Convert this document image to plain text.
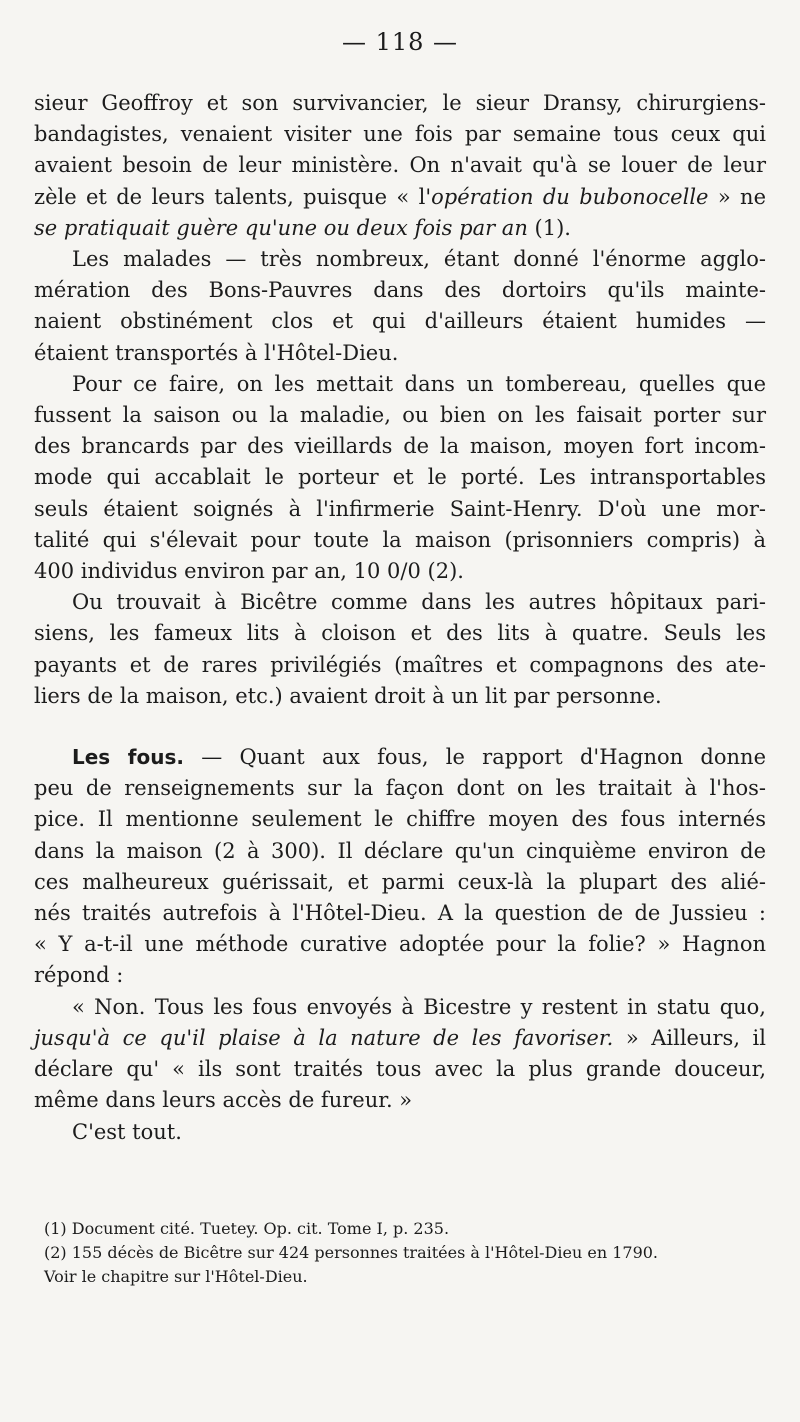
— 118 —

sieur Geoffroy et son survivancier, le sieur Dransy, chirurgiens-
bandagistes, venaient visiter une fois par semaine tous ceux qui
avaient besoin de leur ministère. On n'avait qu'à se louer de leur
zèle et de leurs talents, puisque « l'opération du bubonocelle » ne
se pratiquait guère qu'une ou deux fois par an (1).

Les malades — très nombreux, étant donné l'énorme agglo-
mération des Bons-Pauvres dans des dortoirs qu'ils mainte-
naient obstinément clos et qui d'ailleurs étaient humides —
étaient transportés à l'Hôtel-Dieu.

Pour ce faire, on les mettait dans un tombereau, quelles que
fussent la saison ou la maladie, ou bien on les faisait porter sur
des brancards par des vieillards de la maison, moyen fort incom-
mode qui accablait le porteur et le porté. Les intransportables
seuls étaient soignés à l'infirmerie Saint-Henry. D'où une mor-
talité qui s'élevait pour toute la maison (prisonniers compris) à
400 individus environ par an, 10 0/0 (2).

Ou trouvait à Bicêtre comme dans les autres hôpitaux pari-
siens, les fameux lits à cloison et des lits à quatre. Seuls les
payants et de rares privilégiés (maîtres et compagnons des ate-
liers de la maison, etc.) avaient droit à un lit par personne.

Les fous. — Quant aux fous, le rapport d'Hagnon donne
peu de renseignements sur la façon dont on les traitait à l'hos-
pice. Il mentionne seulement le chiffre moyen des fous internés
dans la maison (2 à 300). Il déclare qu'un cinquième environ de
ces malheureux guérissait, et parmi ceux-là la plupart des alié-
nés traités autrefois à l'Hôtel-Dieu. A la question de de Jussieu :
« Y a-t-il une méthode curative adoptée pour la folie? » Hagnon
répond :

« Non. Tous les fous envoyés à Bicestre y restent in statu quo,
jusqu'à ce qu'il plaise à la nature de les favoriser. » Ailleurs, il
déclare qu' « ils sont traités tous avec la plus grande douceur,
même dans leurs accès de fureur. »

C'est tout.

(1) Document cité. Tuetey. Op. cit. Tome I, p. 235.
(2) 155 décès de Bicêtre sur 424 personnes traitées à l'Hôtel-Dieu en 1790.
Voir le chapitre sur l'Hôtel-Dieu.
